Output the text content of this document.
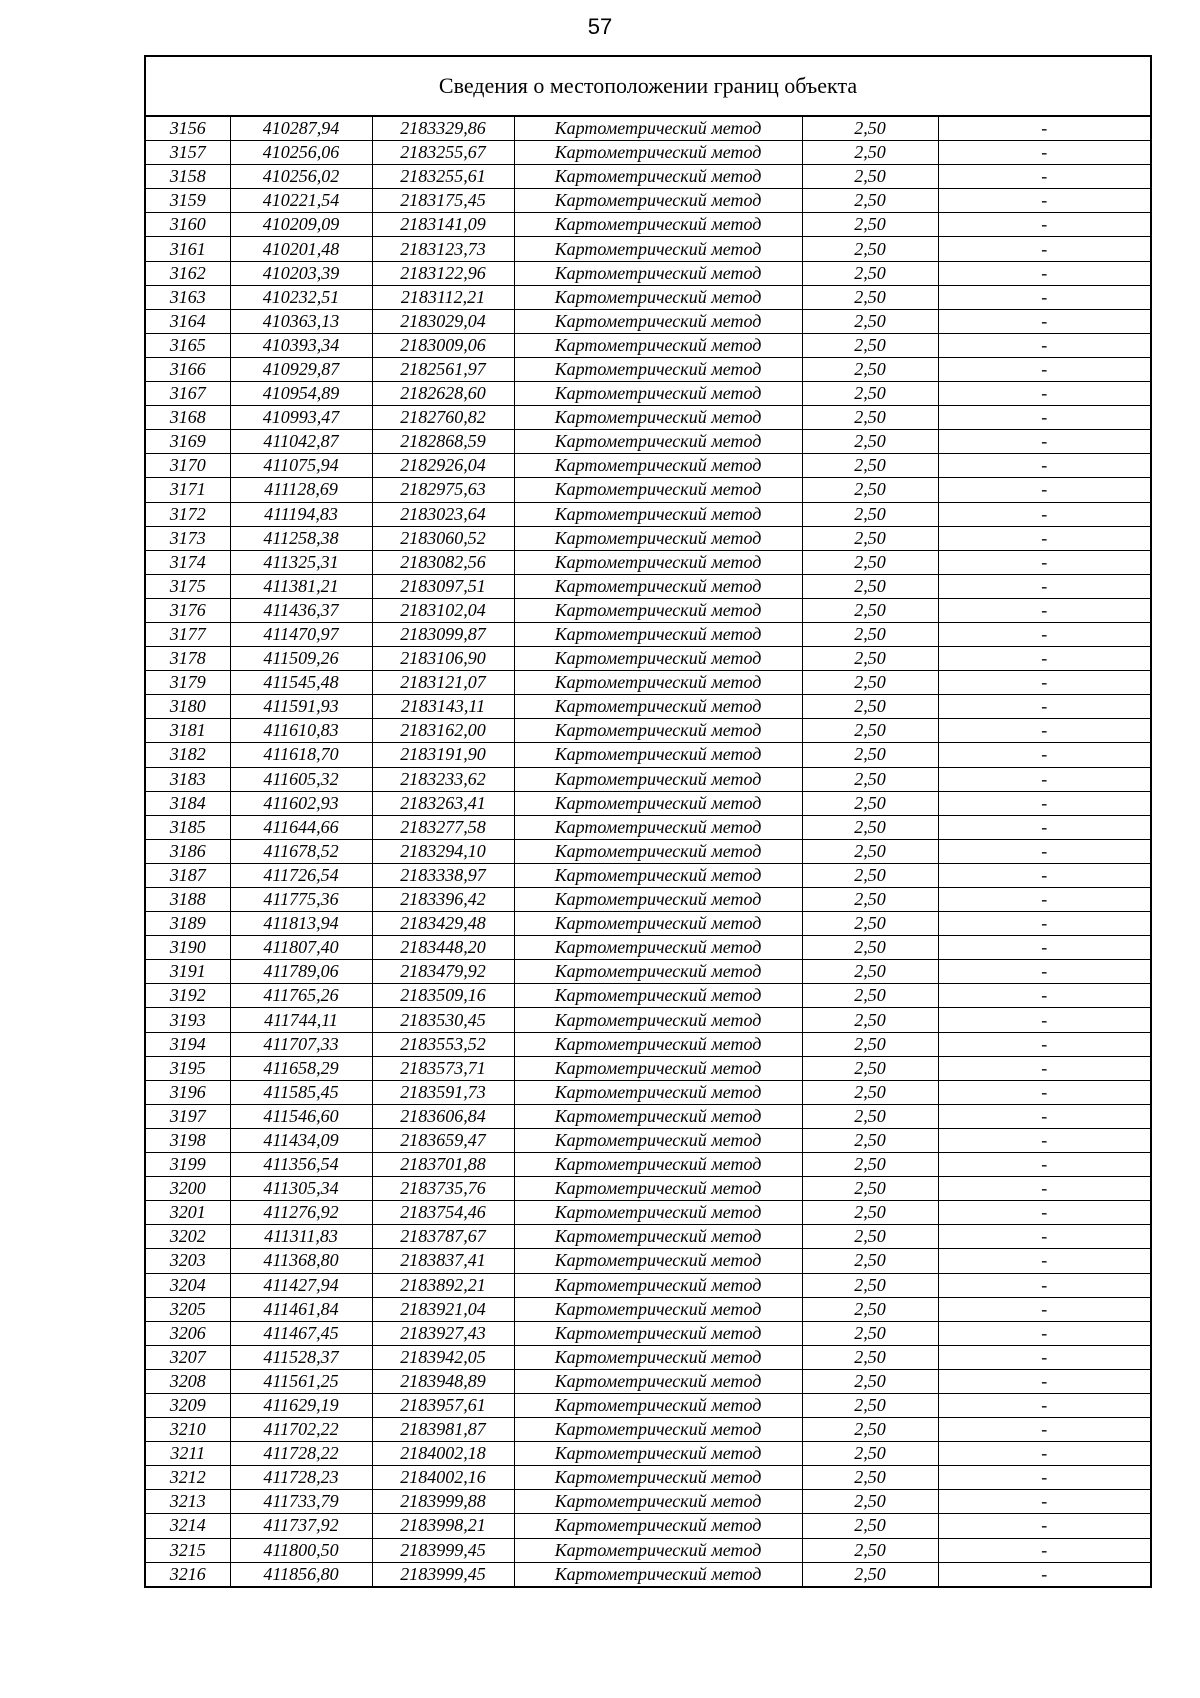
57
Сведения о местоположении границ объекта
3156	410287,94	2183329,86	Картометрический метод	2,50	-
3157	410256,06	2183255,67	Картометрический метод	2,50	-
3158	410256,02	2183255,61	Картометрический метод	2,50	-
3159	410221,54	2183175,45	Картометрический метод	2,50	-
3160	410209,09	2183141,09	Картометрический метод	2,50	-
3161	410201,48	2183123,73	Картометрический метод	2,50	-
3162	410203,39	2183122,96	Картометрический метод	2,50	-
3163	410232,51	2183112,21	Картометрический метод	2,50	-
3164	410363,13	2183029,04	Картометрический метод	2,50	-
3165	410393,34	2183009,06	Картометрический метод	2,50	-
3166	410929,87	2182561,97	Картометрический метод	2,50	-
3167	410954,89	2182628,60	Картометрический метод	2,50	-
3168	410993,47	2182760,82	Картометрический метод	2,50	-
3169	411042,87	2182868,59	Картометрический метод	2,50	-
3170	411075,94	2182926,04	Картометрический метод	2,50	-
3171	411128,69	2182975,63	Картометрический метод	2,50	-
3172	411194,83	2183023,64	Картометрический метод	2,50	-
3173	411258,38	2183060,52	Картометрический метод	2,50	-
3174	411325,31	2183082,56	Картометрический метод	2,50	-
3175	411381,21	2183097,51	Картометрический метод	2,50	-
3176	411436,37	2183102,04	Картометрический метод	2,50	-
3177	411470,97	2183099,87	Картометрический метод	2,50	-
3178	411509,26	2183106,90	Картометрический метод	2,50	-
3179	411545,48	2183121,07	Картометрический метод	2,50	-
3180	411591,93	2183143,11	Картометрический метод	2,50	-
3181	411610,83	2183162,00	Картометрический метод	2,50	-
3182	411618,70	2183191,90	Картометрический метод	2,50	-
3183	411605,32	2183233,62	Картометрический метод	2,50	-
3184	411602,93	2183263,41	Картометрический метод	2,50	-
3185	411644,66	2183277,58	Картометрический метод	2,50	-
3186	411678,52	2183294,10	Картометрический метод	2,50	-
3187	411726,54	2183338,97	Картометрический метод	2,50	-
3188	411775,36	2183396,42	Картометрический метод	2,50	-
3189	411813,94	2183429,48	Картометрический метод	2,50	-
3190	411807,40	2183448,20	Картометрический метод	2,50	-
3191	411789,06	2183479,92	Картометрический метод	2,50	-
3192	411765,26	2183509,16	Картометрический метод	2,50	-
3193	411744,11	2183530,45	Картометрический метод	2,50	-
3194	411707,33	2183553,52	Картометрический метод	2,50	-
3195	411658,29	2183573,71	Картометрический метод	2,50	-
3196	411585,45	2183591,73	Картометрический метод	2,50	-
3197	411546,60	2183606,84	Картометрический метод	2,50	-
3198	411434,09	2183659,47	Картометрический метод	2,50	-
3199	411356,54	2183701,88	Картометрический метод	2,50	-
3200	411305,34	2183735,76	Картометрический метод	2,50	-
3201	411276,92	2183754,46	Картометрический метод	2,50	-
3202	411311,83	2183787,67	Картометрический метод	2,50	-
3203	411368,80	2183837,41	Картометрический метод	2,50	-
3204	411427,94	2183892,21	Картометрический метод	2,50	-
3205	411461,84	2183921,04	Картометрический метод	2,50	-
3206	411467,45	2183927,43	Картометрический метод	2,50	-
3207	411528,37	2183942,05	Картометрический метод	2,50	-
3208	411561,25	2183948,89	Картометрический метод	2,50	-
3209	411629,19	2183957,61	Картометрический метод	2,50	-
3210	411702,22	2183981,87	Картометрический метод	2,50	-
3211	411728,22	2184002,18	Картометрический метод	2,50	-
3212	411728,23	2184002,16	Картометрический метод	2,50	-
3213	411733,79	2183999,88	Картометрический метод	2,50	-
3214	411737,92	2183998,21	Картометрический метод	2,50	-
3215	411800,50	2183999,45	Картометрический метод	2,50	-
3216	411856,80	2183999,45	Картометрический метод	2,50	-
